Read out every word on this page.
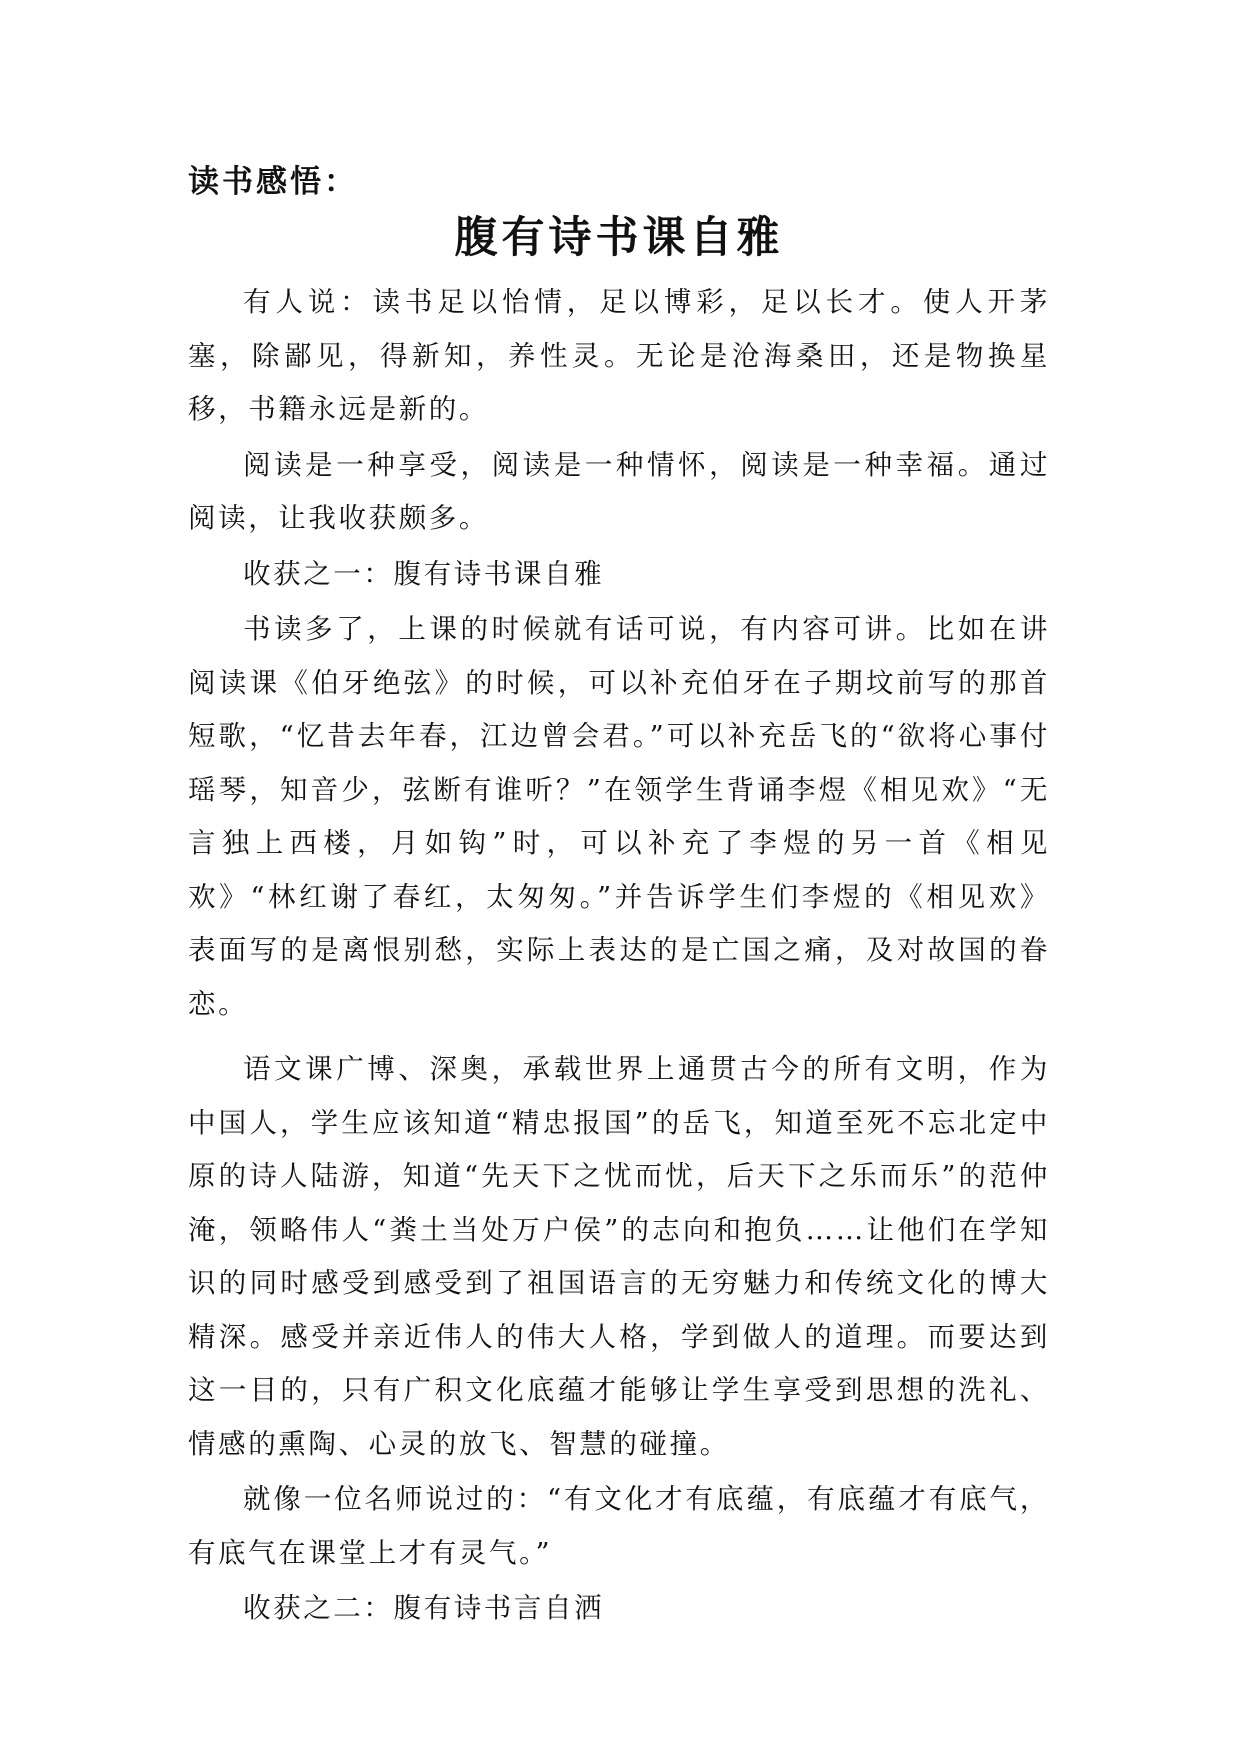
读书感悟：

腹有诗书课自雅

有人说：读书足以怡情，足以博彩，足以长才。使人开茅塞，除鄙见，得新知，养性灵。无论是沧海桑田，还是物换星移，书籍永远是新的。

阅读是一种享受，阅读是一种情怀，阅读是一种幸福。通过阅读，让我收获颇多。

收获之一：腹有诗书课自雅

书读多了，上课的时候就有话可说，有内容可讲。比如在讲阅读课《伯牙绝弦》的时候，可以补充伯牙在子期坟前写的那首短歌，“忆昔去年春，江边曾会君。”可以补充岳飞的“欲将心事付瑶琴，知音少，弦断有谁听？”在领学生背诵李煜《相见欢》“无言独上西楼，月如钩”时，可以补充了李煜的另一首《相见欢》“林红谢了春红，太匆匆。”并告诉学生们李煜的《相见欢》表面写的是离恨别愁，实际上表达的是亡国之痛，及对故国的眷恋。

语文课广博、深奥，承载世界上通贯古今的所有文明，作为中国人，学生应该知道“精忠报国”的岳飞，知道至死不忘北定中原的诗人陆游，知道“先天下之忧而忧，后天下之乐而乐”的范仲淹，领略伟人“粪土当处万户侯”的志向和抱负……让他们在学知识的同时感受到感受到了祖国语言的无穷魅力和传统文化的博大精深。感受并亲近伟人的伟大人格，学到做人的道理。而要达到这一目的，只有广积文化底蕴才能够让学生享受到思想的洗礼、情感的熏陶、心灵的放飞、智慧的碰撞。

就像一位名师说过的：“有文化才有底蕴，有底蕴才有底气，有底气在课堂上才有灵气。”

收获之二：腹有诗书言自洒
